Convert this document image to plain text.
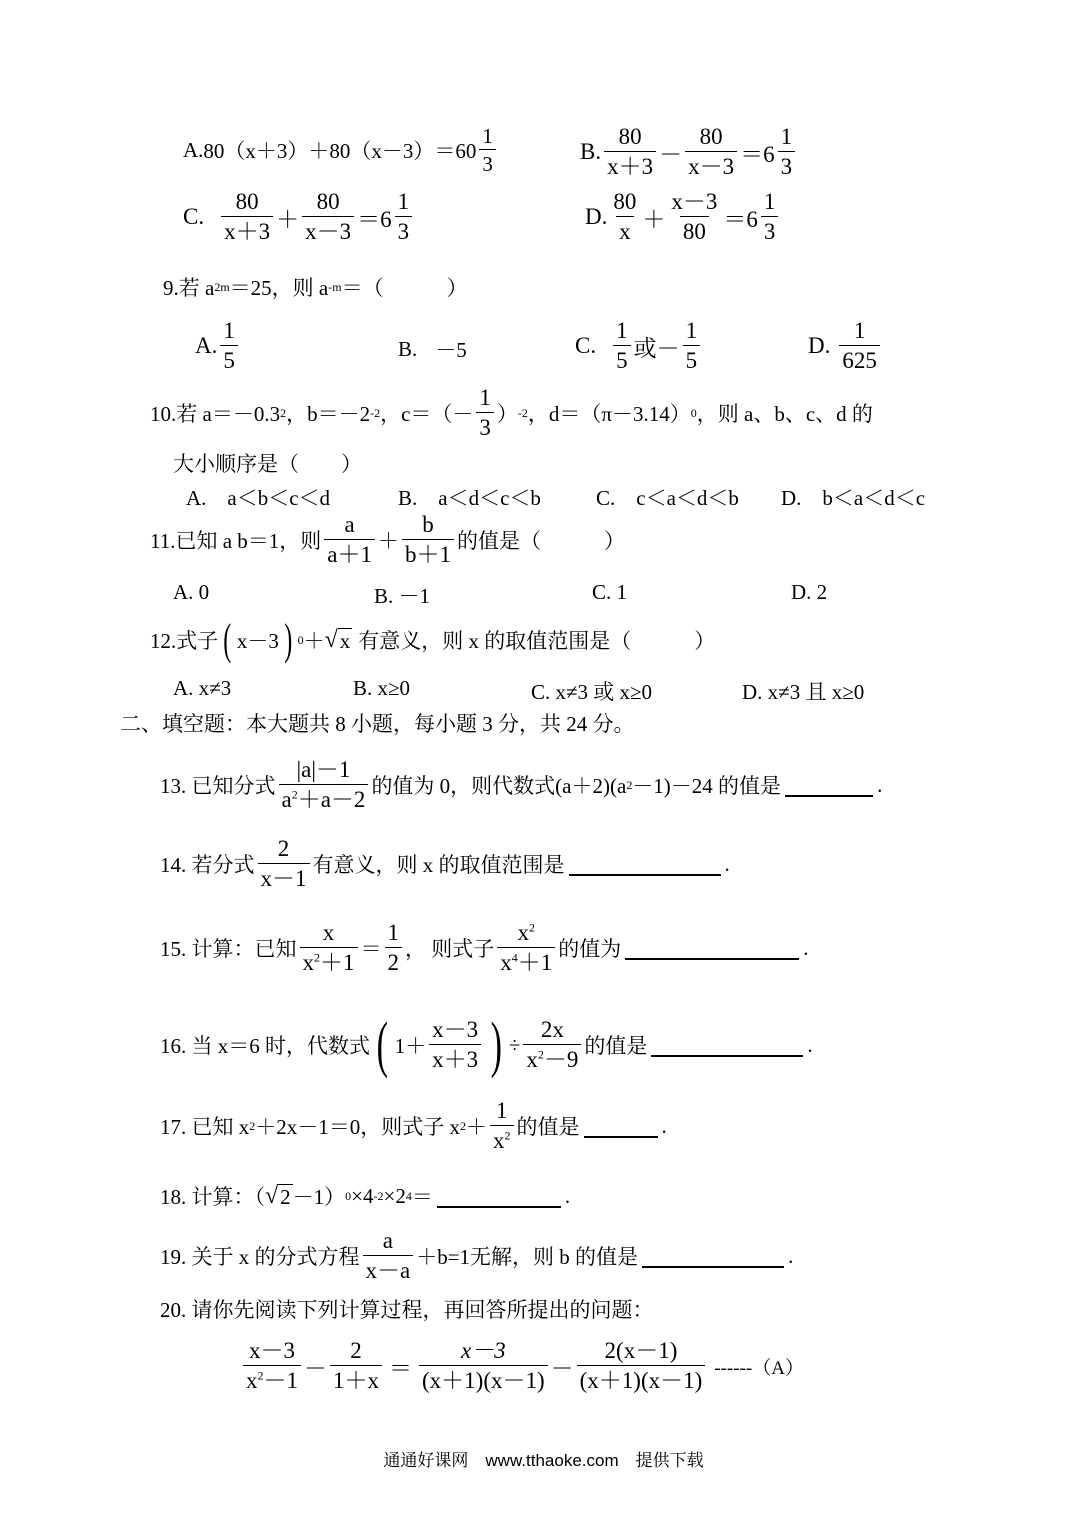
A. $80(x+3)+80(x-3)=60 \frac{1}{3}$	B. $\frac{80}{x+3} - \frac{80}{x-3} =6 \frac{1}{3}$
C. $\frac{80}{x+3} + \frac{80}{x-3} =6 \frac{1}{3}$	D. $\frac{80}{x} + \frac{x-3}{80} =6 \frac{1}{3}$
9.若 a 2m ＝25，则 a -m ＝（　　　）
A. $\frac{1}{5}$	B. －5	C. $\frac{1}{5}$ 或－ $\frac{1}{5}$	D. $\frac{1}{625}$
10.若 a＝－0.3 2 ，b＝－2 -2 ，$c=(- \frac{1}{3}$ ） -2 ，d＝（π－3.14） 0 ，则 a、b、c、d 的
大小顺序是（　　）
A.　a＜b＜c＜d	B.　a＜d＜c＜b	C.　c＜a＜d＜b D.　b＜a＜d＜c
11.已知 a b＝1，则 $\frac{a}{a+1} + \frac{b}{b+1}$ 的值是（　　　）
A. 0	B. －1	C. 1	D. 2
12.式子 ( x－3 ) 0 ＋ √ x 有意义，则 x 的取值范围是（　　　）
A. x≠3	B. x≥0	C. x≠3 或 x≥0	D. x≠3 且 x≥0
二、填空题：本大题共 8 小题，每小题 3 分，共 24 分。
13. 已知分式 $\frac{|a|-1}{a^2+a-2}$ 的值为 0，则代数式(a＋2)(a 2 －1)－24 的值是	.
14. 若分式 $\frac{2}{x-1}$ 有意义，则 x 的取值范围是	.
15. 计算：已知 $\frac{x}{x^2+1} = \frac{1}{2}$ ， 则式子 $\frac{x^2}{x^4+1}$ 的值为	.
16. 当 x＝6 时，代数式 ( $1+ \frac{x-3}{x+3}$ ) ÷ $\frac{2x}{x^2-9}$ 的值是	.
17. 已知 x 2 ＋2x－1＝0，则式子 x $2 + \frac{1}{x^2}$ 的值是	.
18. 计算：（ √ 2 －1） 0 ×4 -2 ×2 4 ＝	.
19. 关于 x 的分式方程 $\frac{a}{x-a} +b=1$无解，则 b 的值是	.
20. 请你先阅读下列计算过程，再回答所提出的问题：
$\frac{x-3}{x^2-1} - \frac{2}{1+x} = \frac{x-3}{(x+1)(x-1)} - \frac{2(x-1)}{(x+1)(x-1)} ------(A)$
通通好课网　www.tthaoke.com　提供下载
